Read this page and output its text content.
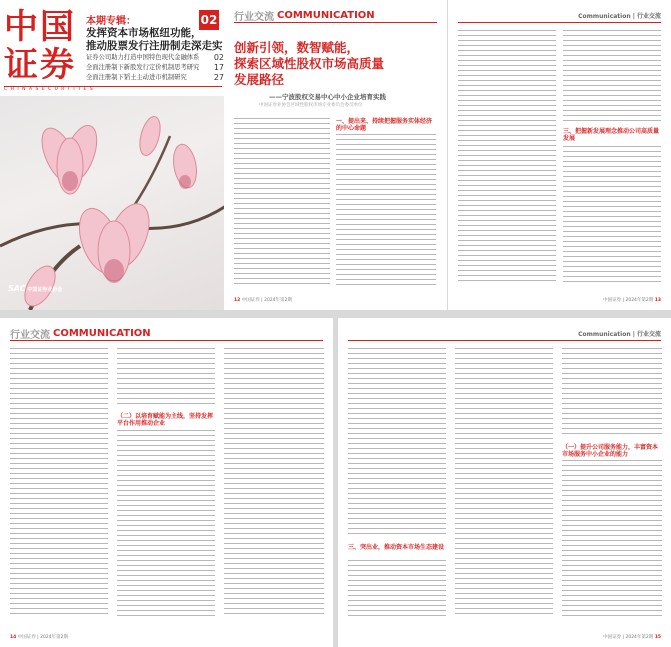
中国
证券
02
本期专辑：
发挥资本市场枢纽功能，
推动股票发行注册制走深走实
证券公司助力打造中国特色现代金融体系 02
全面注册制下新股发行定价机制思考研究 17
全面注册制下韬士主动进市机制研究	27
C H I N A S E C U R I T I E S
SAC 中国证券业协会
行业交流 COMMUNICATION
创新引领，数智赋能，
探索区域性股权市场高质量
发展路径
——宁波股权交易中心中小企业培育实践
中国证券业协会区域性股权市场专业委员会委员单位
一、提出来、持续把握服务实体经济的中心命题
12 中国证券 | 2024年第2期
Communication | 行业交流
三、把握新发展理念推动公司高质量发展
中国证券 | 2024年第2期 13
行业交流 COMMUNICATION
（二）以培育赋能为主线，坚持发挥平台作用推动企业
14 中国证券 | 2024年第2期
Communication | 行业交流
三、突出业，推动资本市场生态建设
（一）提升公司服务能力，丰富资本市场服务中小企业的能力
中国证券 | 2024年第2期 15
